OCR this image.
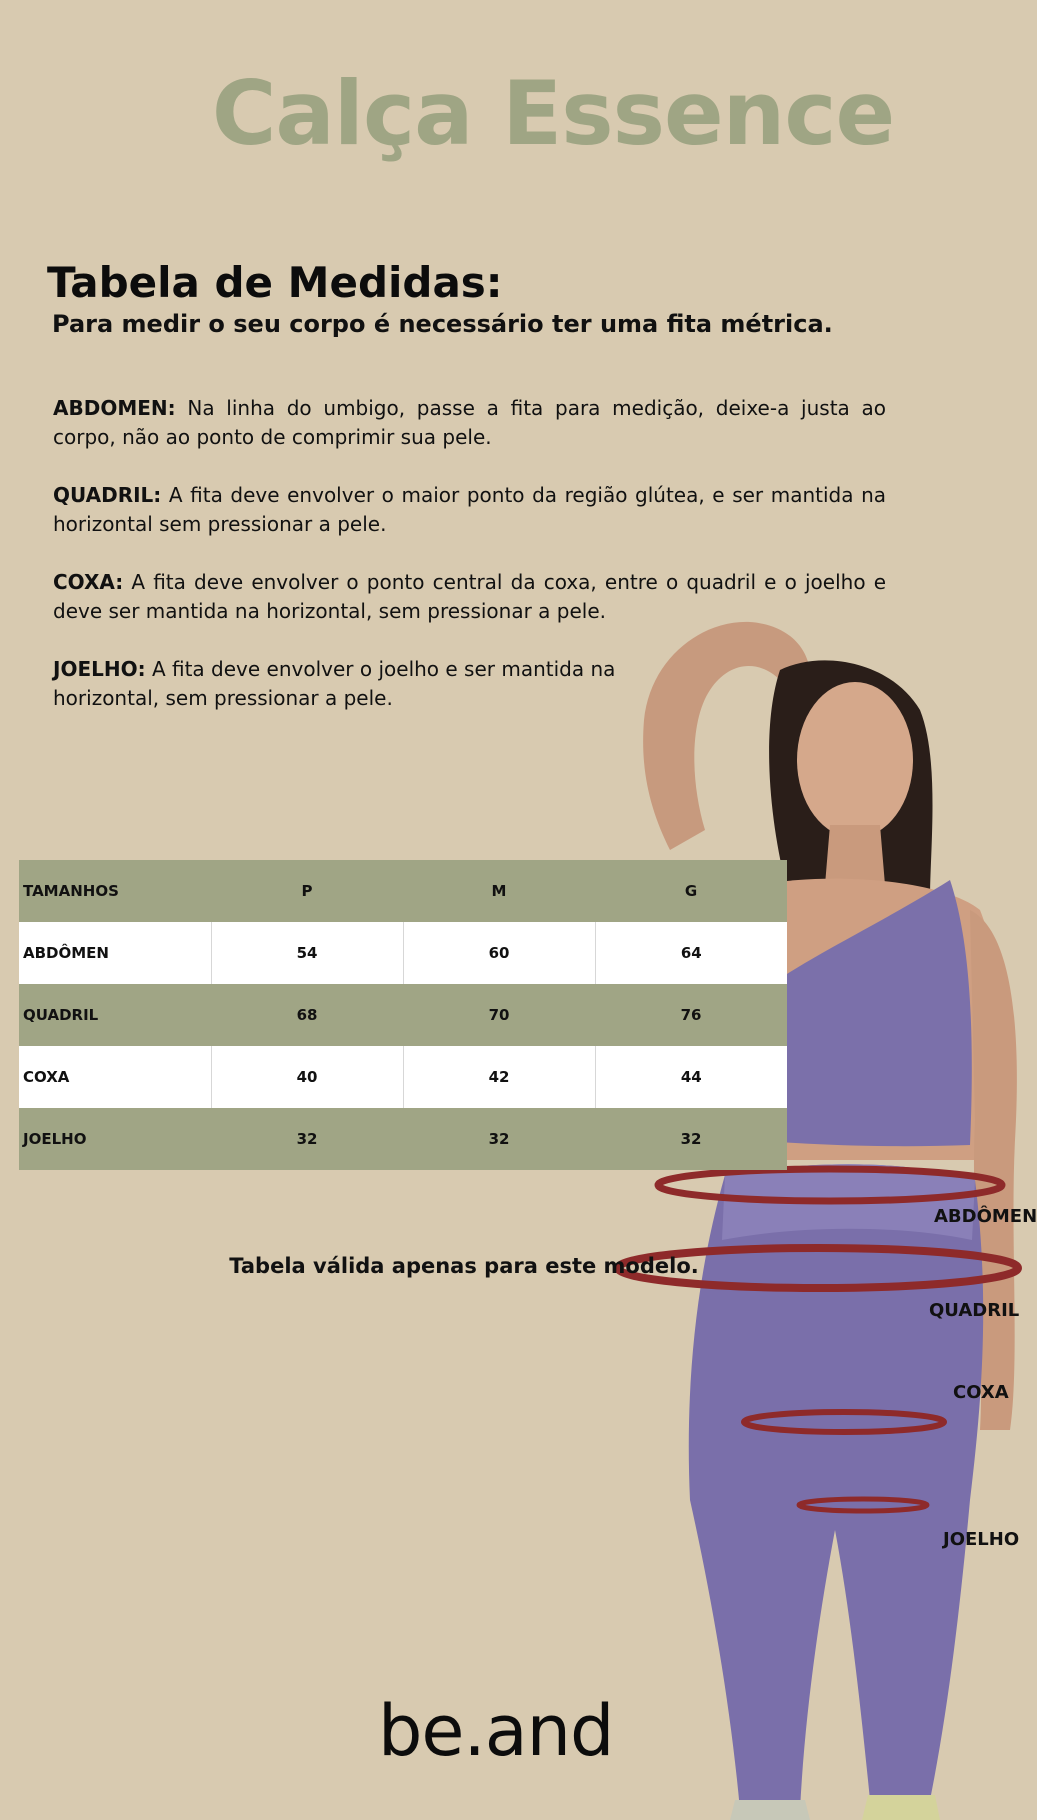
Calça Essence
Tabela de Medidas:
Para medir o seu corpo é necessário ter uma fita métrica.

ABDOMEN: Na linha do umbigo, passe a fita para medição, deixe-a justa ao corpo, não ao ponto de comprimir sua pele.

QUADRIL: A fita deve envolver o maior ponto da região glútea, e ser mantida na horizontal sem pressionar a pele.

COXA: A fita deve envolver o ponto central da coxa, entre o quadril e o joelho e deve ser mantida na horizontal, sem pressionar a pele.

JOELHO: A fita deve envolver o joelho e ser mantida na horizontal, sem pressionar a pele.

TAMANHOS	P	M	G
ABDÔMEN	54	60	64
QUADRIL	68	70	76
COXA	40	42	44
JOELHO	32	32	32
Tabela válida apenas para este modelo.
ABDÔMEN
QUADRIL
COXA
JOELHO
be.and
